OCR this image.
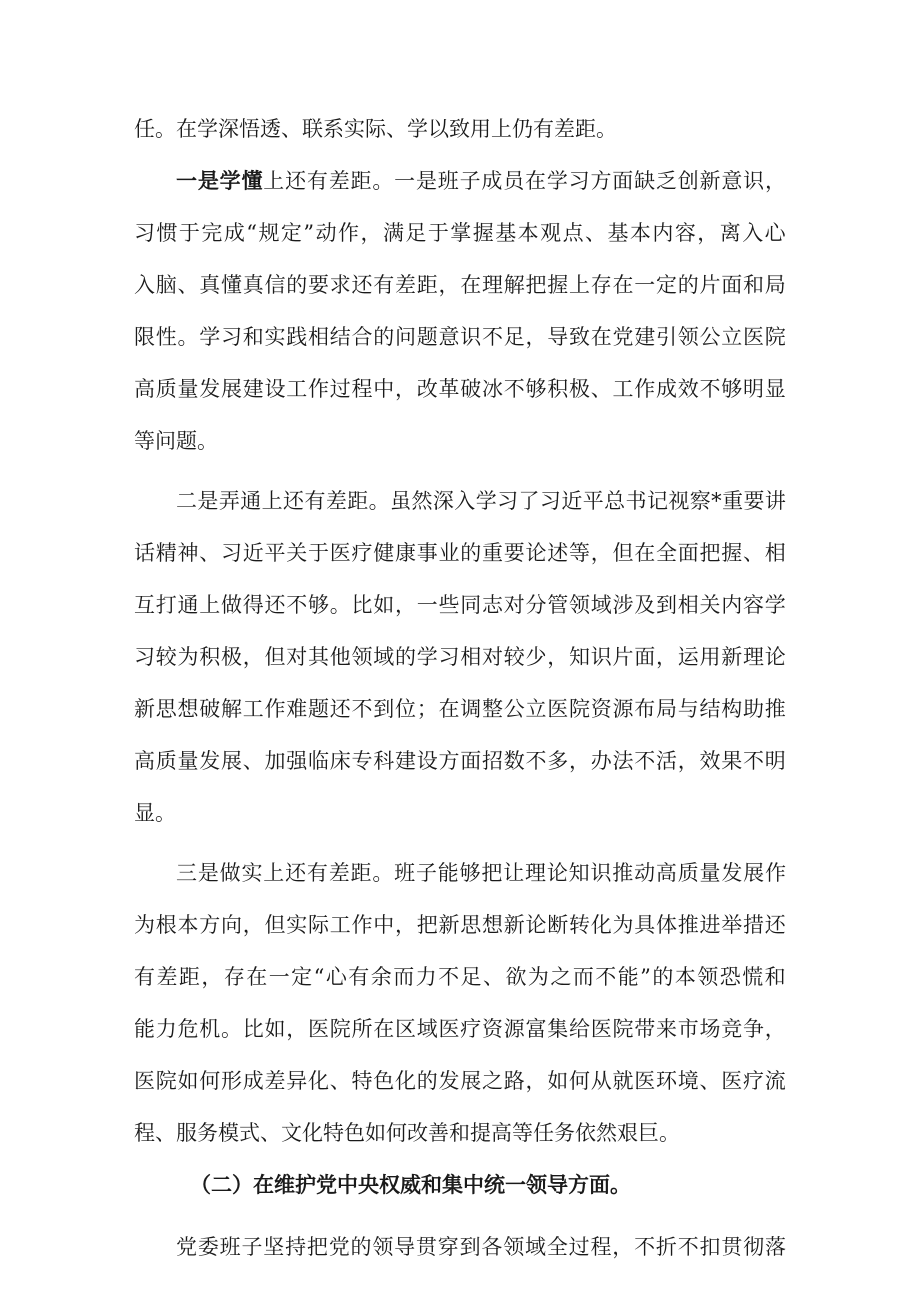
任。在学深悟透、联系实际、学以致用上仍有差距。
一 是 学 懂 上 还 有 差 距 。 一 是 班 子 成 员 在 学 习 方 面 缺 乏 创 新 意 识 ，
习 惯 于 完 成 “ 规 定 ” 动 作 ， 满 足 于 掌 握 基 本 观 点 、 基 本 内 容 ， 离 入 心
入 脑 、 真 懂 真 信 的 要 求 还 有 差 距 ， 在 理 解 把 握 上 存 在 一 定 的 片 面 和 局
限 性 。 学 习 和 实 践 相 结 合 的 问 题 意 识 不 足 ， 导 致 在 党 建 引 领 公 立 医 院
高 质 量 发 展 建 设 工 作 过 程 中 ， 改 革 破 冰 不 够 积 极 、 工 作 成 效 不 够 明 显
等问题。
二 是 弄 通 上 还 有 差 距 。 虽 然 深 入 学 习 了 习 近 平 总 书 记 视 察 * 重 要 讲
话 精 神 、 习 近 平 关 于 医 疗 健 康 事 业 的 重 要 论 述 等 ， 但 在 全 面 把 握 、 相
互 打 通 上 做 得 还 不 够 。 比 如 ， 一 些 同 志 对 分 管 领 域 涉 及 到 相 关 内 容 学
习 较 为 积 极 ， 但 对 其 他 领 域 的 学 习 相 对 较 少 ， 知 识 片 面 ， 运 用 新 理 论
新 思 想 破 解 工 作 难 题 还 不 到 位 ； 在 调 整 公 立 医 院 资 源 布 局 与 结 构 助 推
高 质 量 发 展 、 加 强 临 床 专 科 建 设 方 面 招 数 不 多 ， 办 法 不 活 ， 效 果 不 明
显。
三 是 做 实 上 还 有 差 距 。 班 子 能 够 把 让 理 论 知 识 推 动 高 质 量 发 展 作
为 根 本 方 向 ， 但 实 际 工 作 中 ， 把 新 思 想 新 论 断 转 化 为 具 体 推 进 举 措 还
有 差 距 ， 存 在 一 定 “ 心 有 余 而 力 不 足 、 欲 为 之 而 不 能 ” 的 本 领 恐 慌 和
能 力 危 机 。 比 如 ， 医 院 所 在 区 域 医 疗 资 源 富 集 给 医 院 带 来 市 场 竞 争 ，
医 院 如 何 形 成 差 异 化 、 特 色 化 的 发 展 之 路 ， 如 何 从 就 医 环 境 、 医 疗 流
程、服务模式、文化特色如何改善和提高等任务依然艰巨。
（二）在维护党中央权威和集中统一领导方面。
党 委 班 子 坚 持 把 党 的 领 导 贯 穿 到 各 领 域 全 过 程 ， 不 折 不 扣 贯 彻 落
